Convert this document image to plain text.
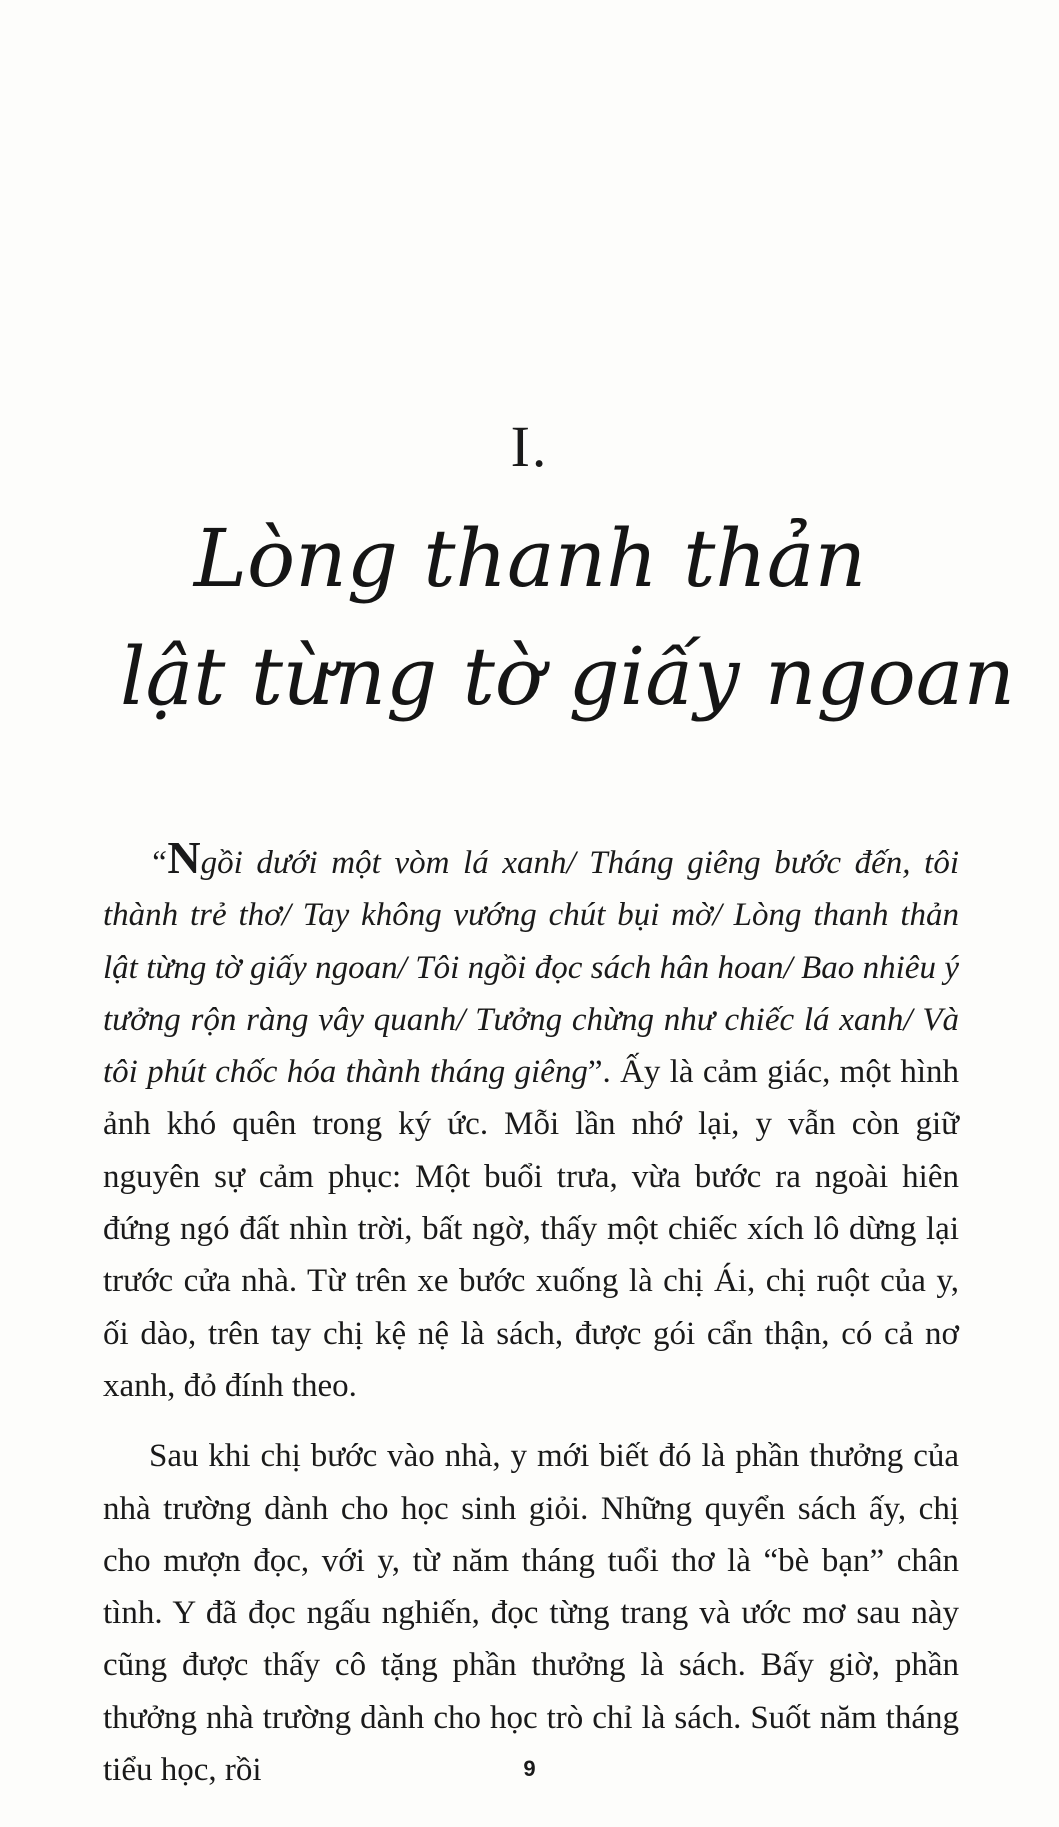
I.
Lòng thanh thản
lật từng tờ giấy ngoan

“Ngồi dưới một vòm lá xanh/ Tháng giêng bước đến, tôi thành trẻ thơ/ Tay không vướng chút bụi mờ/ Lòng thanh thản lật từng tờ giấy ngoan/ Tôi ngồi đọc sách hân hoan/ Bao nhiêu ý tưởng rộn ràng vây quanh/ Tưởng chừng như chiếc lá xanh/ Và tôi phút chốc hóa thành tháng giêng”. Ấy là cảm giác, một hình ảnh khó quên trong ký ức. Mỗi lần nhớ lại, y vẫn còn giữ nguyên sự cảm phục: Một buổi trưa, vừa bước ra ngoài hiên đứng ngó đất nhìn trời, bất ngờ, thấy một chiếc xích lô dừng lại trước cửa nhà. Từ trên xe bước xuống là chị Ái, chị ruột của y, ối dào, trên tay chị kệ nệ là sách, được gói cẩn thận, có cả nơ xanh, đỏ đính theo.

Sau khi chị bước vào nhà, y mới biết đó là phần thưởng của nhà trường dành cho học sinh giỏi. Những quyển sách ấy, chị cho mượn đọc, với y, từ năm tháng tuổi thơ là “bè bạn” chân tình. Y đã đọc ngấu nghiến, đọc từng trang và ước mơ sau này cũng được thấy cô tặng phần thưởng là sách. Bấy giờ, phần thưởng nhà trường dành cho học trò chỉ là sách. Suốt năm tháng tiểu học, rồi	9
